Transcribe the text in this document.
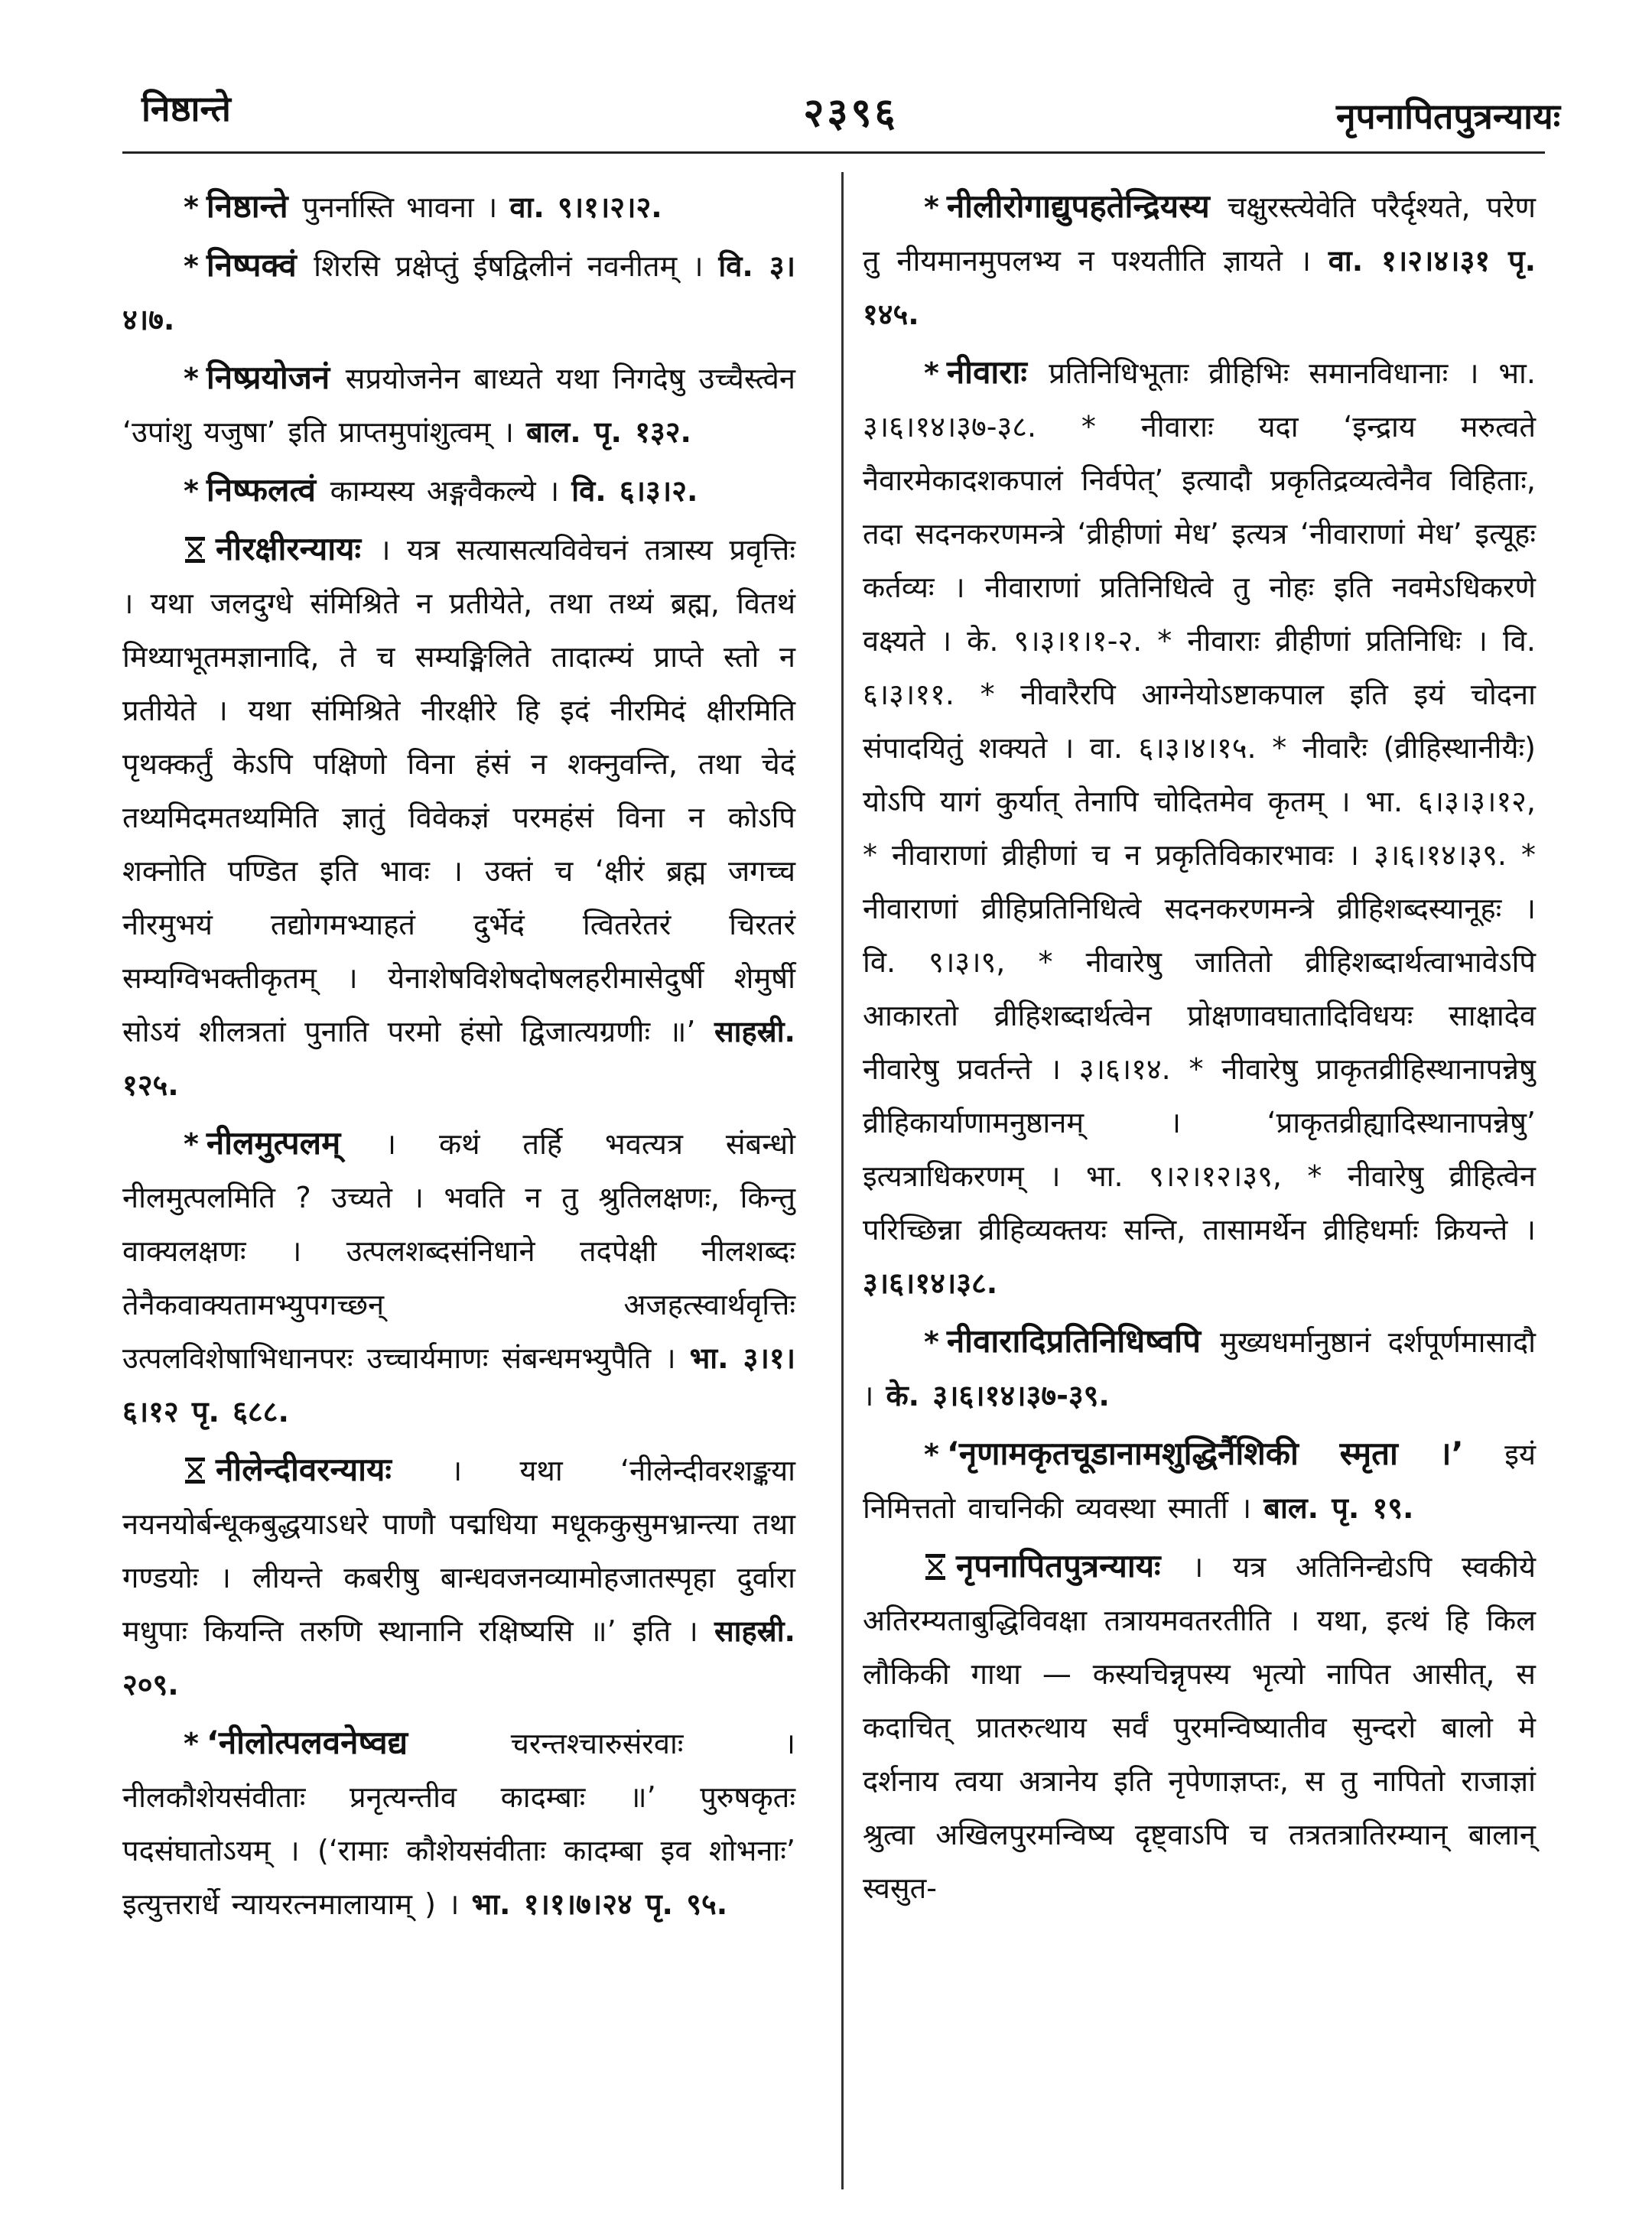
निष्ठान्ते	२३९६	नृपनापितपुत्रन्यायः

* निष्ठान्ते पुनर्नास्ति भावना । वा. ९।१।२।२.

* निष्पक्वं शिरसि प्रक्षेप्तुं ईषद्विलीनं नवनीतम् । वि. ३।४।७.

* निष्प्रयोजनं सप्रयोजनेन बाध्यते यथा निगदेषु उच्चैस्त्वेन ‘उपांशु यजुषा’ इति प्राप्तमुपांशुत्वम् । बाल. पृ. १३२.

* निष्फलत्वं काम्यस्य अङ्गवैकल्ये । वि. ६।३।२.

नीरक्षीरन्यायः । यत्र सत्यासत्यविवेचनं तत्रास्य प्रवृत्तिः । यथा जलदुग्धे संमिश्रिते न प्रतीयेते, तथा तथ्यं ब्रह्म, वितथं मिथ्याभूतमज्ञानादि, ते च सम्यङ्मिलिते तादात्म्यं प्राप्ते स्तो न प्रतीयेते । यथा संमिश्रिते नीरक्षीरे हि इदं नीरमिदं क्षीरमिति पृथक्कर्तुं केऽपि पक्षिणो विना हंसं न शक्नुवन्ति, तथा चेदं तथ्यमिदमतथ्यमिति ज्ञातुं विवेकज्ञं परमहंसं विना न कोऽपि शक्नोति पण्डित इति भावः । उक्तं च ‘क्षीरं ब्रह्म जगच्च नीरमुभयं तद्योगमभ्याहतं दुर्भेदं त्वितरेतरं चिरतरं सम्यग्विभक्तीकृतम् । येनाशेषविशेषदोषलहरीमासेदुर्षी शेमुर्षी सोऽयं शीलत्रतां पुनाति परमो हंसो द्विजात्यग्रणीः ॥’ साहस्री. १२५.

* नीलमुत्पलम् । कथं तर्हि भवत्यत्र संबन्धो नीलमुत्पलमिति ? उच्यते । भवति न तु श्रुतिलक्षणः, किन्तु वाक्यलक्षणः । उत्पलशब्दसंनिधाने तदपेक्षी नीलशब्दः तेनैकवाक्यतामभ्युपगच्छन् अजहत्स्वार्थवृत्तिः उत्पलविशेषाभिधानपरः उच्चार्यमाणः संबन्धमभ्युपैति । भा. ३।१।६।१२ पृ. ६८८.

नीलेन्दीवरन्यायः । यथा ‘नीलेन्दीवरशङ्कया नयनयोर्बन्धूकबुद्धयाऽधरे पाणौ पद्मधिया मधूककुसुमभ्रान्त्या तथा गण्डयोः । लीयन्ते कबरीषु बान्धवजनव्यामोहजातस्पृहा दुर्वारा मधुपाः कियन्ति तरुणि स्थानानि रक्षिष्यसि ॥’ इति । साहस्री. २०९.

* ‘नीलोत्पलवनेष्वद्य चरन्तश्चारुसंरवाः । नीलकौशेयसंवीताः प्रनृत्यन्तीव कादम्बाः ॥’ पुरुषकृतः पदसंघातोऽयम् । (‘रामाः कौशेयसंवीताः कादम्बा इव शोभनाः’ इत्युत्तरार्धे न्यायरत्नमालायाम् ) । भा. १।१।७।२४ पृ. ९५.

* नीलीरोगाद्युपहतेन्द्रियस्य चक्षुरस्त्येवेति परैर्दृश्यते, परेण तु नीयमानमुपलभ्य न पश्यतीति ज्ञायते । वा. १।२।४।३१ पृ. १४५.

* नीवाराः प्रतिनिधिभूताः व्रीहिभिः समानविधानाः । भा. ३।६।१४।३७-३८. * नीवाराः यदा ‘इन्द्राय मरुत्वते नैवारमेकादशकपालं निर्वपेत्’ इत्यादौ प्रकृतिद्रव्यत्वेनैव विहिताः, तदा सदनकरणमन्त्रे ‘व्रीहीणां मेध’ इत्यत्र ‘नीवाराणां मेध’ इत्यूहः कर्तव्यः । नीवाराणां प्रतिनिधित्वे तु नोहः इति नवमेऽधिकरणे वक्ष्यते । के. ९।३।१।१-२. * नीवाराः व्रीहीणां प्रतिनिधिः । वि. ६।३।११. * नीवारैरपि आग्नेयोऽष्टाकपाल इति इयं चोदना संपादयितुं शक्यते । वा. ६।३।४।१५. * नीवारैः (व्रीहिस्थानीयैः) योऽपि यागं कुर्यात् तेनापि चोदितमेव कृतम् । भा. ६।३।३।१२, * नीवाराणां व्रीहीणां च न प्रकृतिविकारभावः । ३।६।१४।३९. * नीवाराणां व्रीहिप्रतिनिधित्वे सदनकरणमन्त्रे व्रीहिशब्दस्यानूहः । वि. ९।३।९, * नीवारेषु जातितो व्रीहिशब्दार्थत्वाभावेऽपि आकारतो व्रीहिशब्दार्थत्वेन प्रोक्षणावघातादिविधयः साक्षादेव नीवारेषु प्रवर्तन्ते । ३।६।१४. * नीवारेषु प्राकृतव्रीहिस्थानापन्नेषु व्रीहिकार्याणामनुष्ठानम् । ‘प्राकृतव्रीह्यादिस्थानापन्नेषु’ इत्यत्राधिकरणम् । भा. ९।२।१२।३९, * नीवारेषु व्रीहित्वेन परिच्छिन्ना व्रीहिव्यक्तयः सन्ति, तासामर्थेन व्रीहिधर्माः क्रियन्ते । ३।६।१४।३८.

* नीवारादिप्रतिनिधिष्वपि मुख्यधर्मानुष्ठानं दर्शपूर्णमासादौ । के. ३।६।१४।३७-३९.

* ‘नृणामकृतचूडानामशुद्धिर्नैशिकी स्मृता ।’ इयं निमित्ततो वाचनिकी व्यवस्था स्मार्ती । बाल. पृ. १९.

नृपनापितपुत्रन्यायः । यत्र अतिनिन्द्येऽपि स्वकीये अतिरम्यताबुद्धिविवक्षा तत्रायमवतरतीति । यथा, इत्थं हि किल लौकिकी गाथा — कस्यचिन्नृपस्य भृत्यो नापित आसीत्, स कदाचित् प्रातरुत्थाय सर्वं पुरमन्विष्यातीव सुन्दरो बालो मे दर्शनाय त्वया अत्रानेय इति नृपेणाज्ञप्तः, स तु नापितो राजाज्ञां श्रुत्वा अखिलपुरमन्विष्य दृष्ट्वाऽपि च तत्रतत्रातिरम्यान् बालान् स्वसुत-
